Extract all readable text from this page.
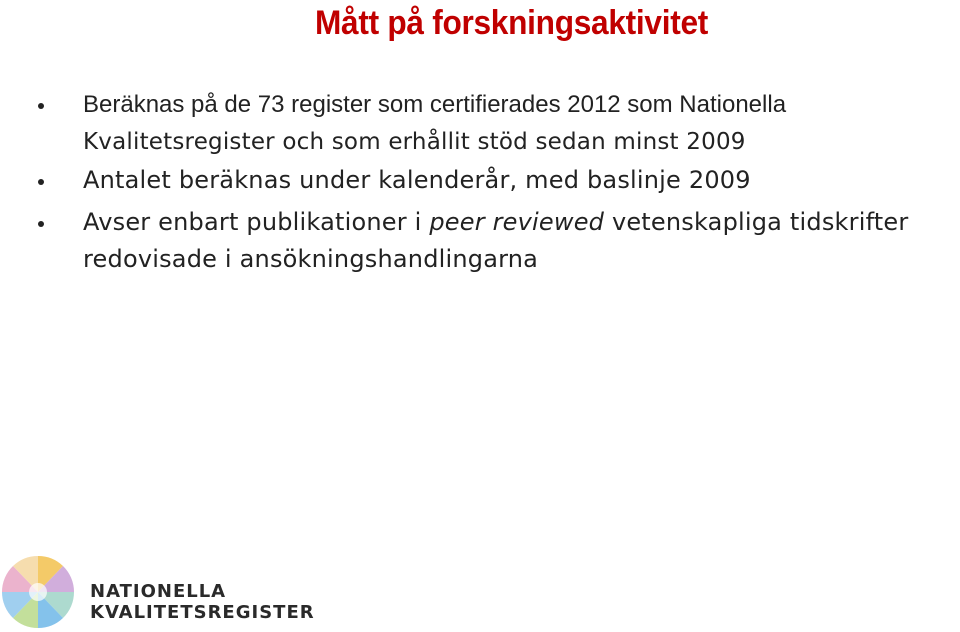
Mått på forskningsaktivitet
Beräknas på de 73 register som certifierades 2012 som Nationella
Kvalitetsregister och som erhållit stöd sedan minst 2009
Antalet beräknas under kalenderår, med baslinje 2009
Avser enbart publikationer i peer reviewed vetenskapliga tidskrifter
redovisade i ansökningshandlingarna
NATIONELLA KVALITETSREGISTER
